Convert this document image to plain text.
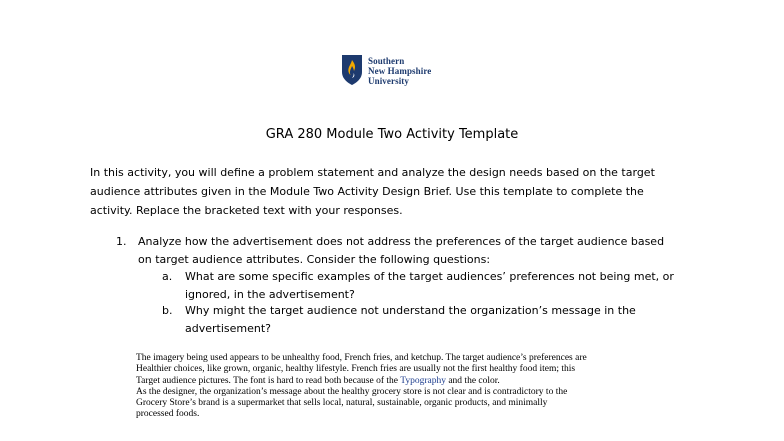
Southern
New Hampshire
University
GRA 280 Module Two Activity Template
In this activity, you will define a problem statement and analyze the design needs based on the target
audience attributes given in the Module Two Activity Design Brief. Use this template to complete the
activity. Replace the bracketed text with your responses.
1. Analyze how the advertisement does not address the preferences of the target audience based
on target audience attributes. Consider the following questions:
a. What are some specific examples of the target audiences’ preferences not being met, or
ignored, in the advertisement?
b. Why might the target audience not understand the organization’s message in the
advertisement?
The imagery being used appears to be unhealthy food, French fries, and ketchup. The target audience’s preferences are
Healthier choices, like grown, organic, healthy lifestyle. French fries are usually not the first healthy food item; this
Target audience pictures. The font is hard to read both because of the Typography and the color.
As the designer, the organization’s message about the healthy grocery store is not clear and is contradictory to the
Grocery Store’s brand is a supermarket that sells local, natural, sustainable, organic products, and minimally
processed foods.
